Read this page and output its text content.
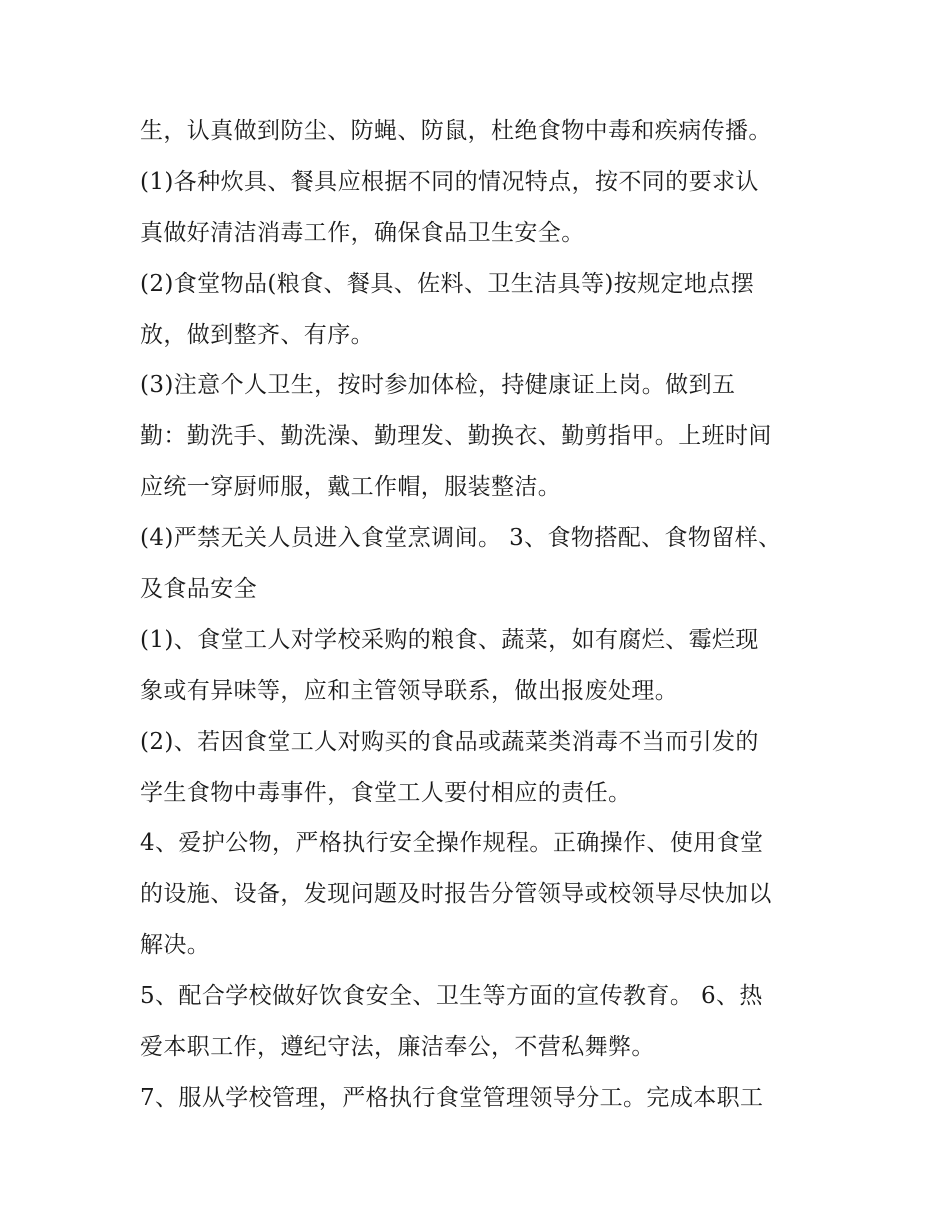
生，认真做到防尘、防蝇、防鼠，杜绝食物中毒和疾病传播。
(1)各种炊具、餐具应根据不同的情况特点，按不同的要求认
真做好清洁消毒工作，确保食品卫生安全。
(2)食堂物品(粮食、餐具、佐料、卫生洁具等)按规定地点摆
放，做到整齐、有序。
(3)注意个人卫生，按时参加体检，持健康证上岗。做到五
勤：勤洗手、勤洗澡、勤理发、勤换衣、勤剪指甲。上班时间
应统一穿厨师服，戴工作帽，服装整洁。
(4)严禁无关人员进入食堂烹调间。 3、食物搭配、食物留样、
及食品安全
(1)、食堂工人对学校采购的粮食、蔬菜，如有腐烂、霉烂现
象或有异味等，应和主管领导联系，做出报废处理。
(2)、若因食堂工人对购买的食品或蔬菜类消毒不当而引发的
学生食物中毒事件，食堂工人要付相应的责任。
4、爱护公物，严格执行安全操作规程。正确操作、使用食堂
的设施、设备，发现问题及时报告分管领导或校领导尽快加以
解决。
5、配合学校做好饮食安全、卫生等方面的宣传教育。 6、热
爱本职工作，遵纪守法，廉洁奉公，不营私舞弊。
7、服从学校管理，严格执行食堂管理领导分工。完成本职工
